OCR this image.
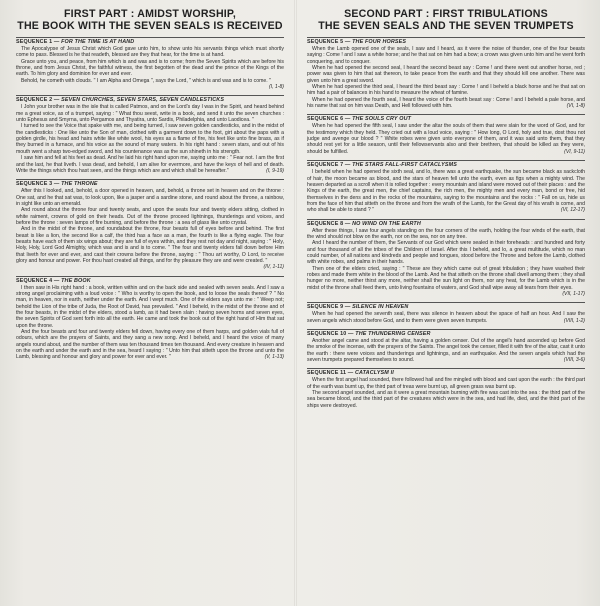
FIRST PART : AMIDST WORSHIP,
THE BOOK WITH THE SEVEN SEALS IS RECEIVED
SEQUENCE 1 — FOR THE TIME IS AT HAND

The Apocalypse of Jesus Christ which God gave unto him, to show unto his servants things which must shortly come to pass. Blessed is he that readeth, blessed are they that hear, for the time is at hand.

Grace unto you, and peace, from him which is and was and is to come; from the Seven Spirits which are before his throne, and from Jesus Christ, the faithful witness, the first begotten of the dead and the prince of the Kings of the earth. To him glory and dominion for ever and ever.

Behold, he cometh with clouds. " I am Alpha and Omega ", says the Lord, " which is and was and is to come. "
(I, 1-8)

SEQUENCE 2 — SEVEN CHURCHES, SEVEN STARS, SEVEN CANDLESTICKS

I John your brother was in the isle that is called Patmos, and on the Lord's day I was in the Spirit, and heard behind me a great voice, as of a trumpet, saying : " What thou seest, write in a book, and send it unto the seven churches : unto Ephesus and Smyrna, unto Pergamos and Thyatira, unto Sardis, Philadelphia, and unto Laodicea. "

I turned to see the Voice that spake with me, and being turned, I saw seven golden candlesticks, and in the midst of the candlesticks : One like unto the Son of man, clothed with a garment down to the foot, girt about the paps with a golden girdle, his head and hairs white like white wool, his eyes as a flame of fire, his feet like unto fine brass, as if they burned in a furnace, and his voice as the sound of many waters. In his right hand : seven stars, and out of his mouth went a sharp two-edged sword, and his countenance was as the sun shineth in his strength.

I saw him and fell at his feet as dead. And he laid his right hand upon me, saying unto me : " Fear not. I am the first and the last, he that liveth. I was dead, and behold, I am alive for evermore, and have the keys of hell and of death. Write the things which thou hast seen, and the things which are and which shall be hereafter."	(I, 9-19)

SEQUENCE 3 — THE THRONE

After this I looked, and, behold, a door opened in heaven, and, behold, a throne set in heaven and on the throne : One sat, and he that sat was, to look upon, like a jasper and a sardine stone, and round about the throne, a rainbow, in sight like unto an emerald.

And round about the throne four and twenty seats, and upon the seats four and twenty elders sitting, clothed in white raiment, crowns of gold on their heads. Out of the throne proceed lightnings, thunderings and voices, and before the throne : seven lamps of fire burning, and before the throne : a sea of glass like unto crystal.

And in the midst of the throne, and roundabout the throne, four beasts full of eyes before and behind. The first beast is like a lion, the second like a calf, the third has a face as a man, the fourth is like a flying eagle. The four beasts have each of them six wings about; they are full of eyes within, and they rest not day and night, saying : " Holy, Holy, Holy, Lord God Almighty, which was and is and is to come. " The four and twenty elders fall down before Him that liveth for ever and ever, and cast their crowns before the throne, saying : " Thou art worthy, O Lord, to receive glory and honour and power. For thou hast created all things, and for thy pleasure they are and were created. "
(IV, 1-11)

SEQUENCE 4 — THE BOOK

I then saw in His right hand : a book, written within and on the back side and sealed with seven seals. And I saw a strong angel proclaiming with a loud voice : " Who is worthy to open the book, and to loose the seals thereof ? " No man, in heaven, nor in earth, neither under the earth. And I wept much. One of the elders says unto me : " Weep not; behold the Lion of the tribe of Juda, the Root of David, has prevailed. " And I beheld, in the midst of the throne and of the four beasts, in the midst of the elders, stood a lamb, as it had been slain : having seven horns and seven eyes, the seven Spirits of God sent forth into all the earth. He came and took the book out of the right hand of Him that sat upon the throne.

And the four beasts and four and twenty elders fell down, having every one of them harps, and golden vials full of odours, which are the prayers of Saints, and they sang a new song. And I beheld, and I heard the voice of many angels round about, and the number of them was ten thousand times ten thousand. And every creature in heaven and on the earth and under the earth and in the sea, heard I saying : " Unto him that sitteth upon the throne and unto the Lamb, blessing and honour and glory and power for ever and ever. "	(V, 1-13)

SECOND PART : FIRST TRIBULATIONS
THE SEVEN SEALS AND THE SEVEN TRUMPETS
SEQUENCE 5 — THE FOUR HORSES

When the Lamb opened one of the seals, I saw and I heard, as it were the noise of thunder, one of the four beasts saying : Come ! and I saw a white horse; and he that sat on him had a bow; a crown was given unto him and he went forth conquering, and to conquer.

When he had opened the second seal, I heard the second beast say : Come ! and there went out another horse, red ; power was given to him that sat thereon, to take peace from the earth and that they should kill one another. There was given unto him a great sword.

When he had opened the third seal, I heard the third beast say : Come ! and I beheld a black horse and he that sat on him had a pair of balances in his hand to measure the wheat of famine.

When he had opened the fourth seal, I heard the voice of the fourth beast say : Come ! and I beheld a pale horse, and his name that sat on him was Death, and Hell followed with him.	(VI, 1-8)

SEQUENCE 6 — THE SOULS CRY OUT

When he had opened the fifth seal, I saw under the altar the souls of them that were slain for the word of God, and for the testimony which they held. They cried out with a loud voice, saying : " How long, O Lord, holy and true, dost thou not judge and avenge our blood ? " White robes were given unto everyone of them, and it was said unto them, that they should rest yet for a little season, until their fellowservants also and their brethren, that should be killed as they were, should be fulfilled.	(VI, 9-11)

SEQUENCE 7 — THE STARS FALL-FIRST CATACLYSMS

I beheld when he had opened the sixth seal, and lo, there was a great earthquake, the sun became black as sackcloth of hair, the moon became as blood, and the stars of heaven fell unto the earth, even as figs when a mighty wind. The heaven departed as a scroll when it is rolled together : every mountain and island were moved out of their places : and the Kings of the earth, the great men, the chief captains, the rich men, the mighty men and every man, bond or free, hid themselves in the dens and in the rocks of the mountains, saying to the mountains and the rocks : " Fall on us, hide us from the face of him that sitteth on the throne and from the wrath of the Lamb, for the Great day of his wrath is come, and who shall be able to stand ? "	(VI, 12-17)

SEQUENCE 8 — NO WIND ON THE EARTH

After these things, I saw four angels standing on the four corners of the earth, holding the four winds of the earth, that the wind should not blow on the earth, nor on the sea, nor on any tree.

And I heard the number of them, the Servants of our God which were sealed in their foreheads : and hundred and forty and four thousand of all the tribes of the Children of Israel. After this I beheld, and lo, a great multitude, which no man could number, of all nations and kindreds and people and tongues, stood before the Throne and before the Lamb, clothed with white robes, and palms in their hands.

Then one of the elders cried, saying : " These are they which came out of great tribulation ; they have washed their robes and made them white in the blood of the Lamb. And he that sitteth on the throne shall dwell among them ; they shall hunger no more, neither thirst any more, neither shall the sun light on them, nor any heat, for the Lamb which is in the midst of the throne shall feed them, unto living fountains of waters, and God shall wipe away all tears from their eyes.
(VII, 1-17)

SEQUENCE 9 — SILENCE IN HEAVEN

When he had opened the seventh seal, there was silence in heaven about the space of half an hour. And I saw the seven angels which stood before God, and to them were given seven trumpets.	(VIII, 1-2)

SEQUENCE 10 — THE THUNDERING CENSER

Another angel came and stood at the altar, having a golden censer. Out of the angel's hand ascended up before God the smoke of the incense, with the prayers of the Saints. The angel took the censer, filled it with fire of the altar, cast it unto the earth : there were voices and thunderings and lightnings, and an earthquake. And the seven angels which had the seven trumpets prepared themselves to sound.	(VIII, 3-6)

SEQUENCE 11 — CATACLYSM II

When the first angel had sounded, there followed hail and fire mingled with blood and cast upon the earth : the third part of the earth was burnt up, the third part of treas were burnt up, all green grass was burnt up.

The second angel sounded, and as it were a great mountain burning with fire was cast into the sea : the third part of the sea became blood, and the third part of the creatures which were in the sea, and had life, died, and the third part of the ships were destroyed.
